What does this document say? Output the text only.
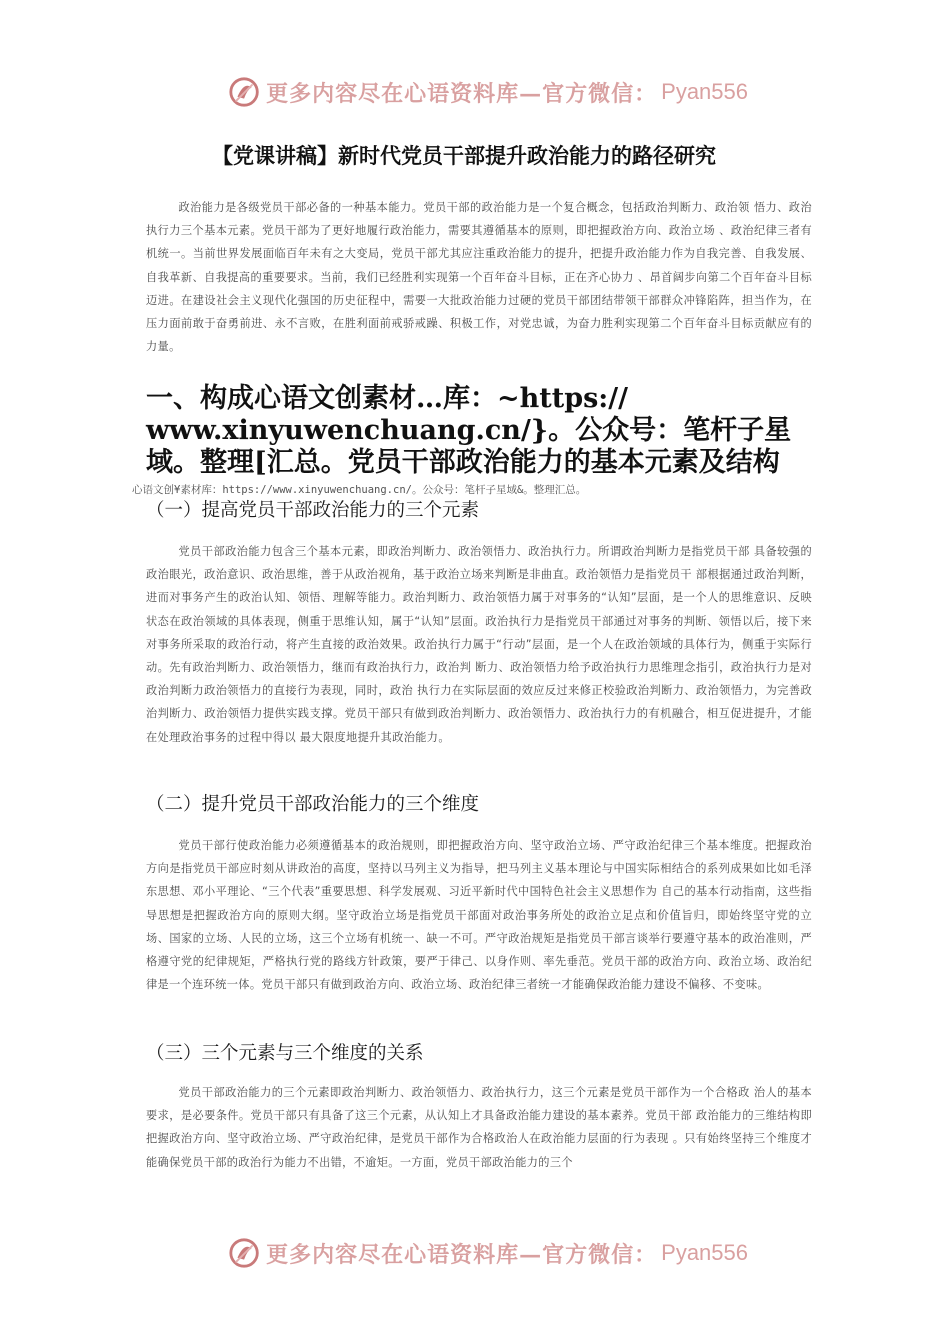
更多内容尽在心语资料库—官方微信： Pyan556
【党课讲稿】新时代党员干部提升政治能力的路径研究

政治能力是各级党员干部必备的一种基本能力。党员干部的政治能力是一个复合概念，包括政治判断力、政治领 悟力、政治执行力三个基本元素。党员干部为了更好地履行政治能力，需要其遵循基本的原则，即把握政治方向、政治立场 、政治纪律三者有机统一。当前世界发展面临百年未有之大变局，党员干部尤其应注重政治能力的提升，把提升政治能力作为自我完善、自我发展、自我革新、自我提高的重要要求。当前，我们已经胜利实现第一个百年奋斗目标，正在齐心协力 、昂首阔步向第二个百年奋斗目标迈进。在建设社会主义现代化强国的历史征程中，需要一大批政治能力过硬的党员干部团结带领干部群众冲锋陷阵，担当作为，在压力面前敢于奋勇前进、永不言败，在胜利面前戒骄戒躁、积极工作，对党忠诚，为奋力胜利实现第二个百年奋斗目标贡献应有的力量。

一、构成心语文创素材…库：~https:// www.xinyuwenchuang.cn/}。公众号：笔杆子星域。整理[汇总。党员干部政治能力的基本元素及结构
心语文创¥素材库：https://www.xinyuwenchuang.cn/。公众号：笔杆子星域&。整理汇总。
（一）提高党员干部政治能力的三个元素

党员干部政治能力包含三个基本元素，即政治判断力、政治领悟力、政治执行力。所谓政治判断力是指党员干部 具备较强的政治眼光，政治意识、政治思维，善于从政治视角，基于政治立场来判断是非曲直。政治领悟力是指党员干 部根据通过政治判断，进而对事务产生的政治认知、领悟、理解等能力。政治判断力、政治领悟力属于对事务的“认知”层面，是一个人的思维意识、反映状态在政治领域的具体表现，侧重于思维认知，属于“认知”层面。政治执行力是指党员干部通过对事务的判断、领悟以后，接下来对事务所采取的政治行动，将产生直接的政治效果。政治执行力属于“行动”层面，是一个人在政治领域的具体行为，侧重于实际行动。先有政治判断力、政治领悟力，继而有政治执行力，政治判 断力、政治领悟力给予政治执行力思维理念指引，政治执行力是对政治判断力政治领悟力的直接行为表现，同时，政治 执行力在实际层面的效应反过来修正校验政治判断力、政治领悟力，为完善政治判断力、政治领悟力提供实践支撑。党员干部只有做到政治判断力、政治领悟力、政治执行力的有机融合，相互促进提升，才能在处理政治事务的过程中得以 最大限度地提升其政治能力。

（二）提升党员干部政治能力的三个维度

党员干部行使政治能力必须遵循基本的政治规则，即把握政治方向、坚守政治立场、严守政治纪律三个基本维度。把握政治方向是指党员干部应时刻从讲政治的高度，坚持以马列主义为指导，把马列主义基本理论与中国实际相结合的系列成果如比如毛泽东思想、邓小平理论、“三个代表”重要思想、科学发展观、习近平新时代中国特色社会主义思想作为 自己的基本行动指南，这些指导思想是把握政治方向的原则大纲。坚守政治立场是指党员干部面对政治事务所处的政治立足点和价值旨归，即始终坚守党的立场、国家的立场、人民的立场，这三个立场有机统一、缺一不可。严守政治规矩是指党员干部言谈举行要遵守基本的政治准则，严格遵守党的纪律规矩，严格执行党的路线方针政策，要严于律己、以身作则、率先垂范。党员干部的政治方向、政治立场、政治纪律是一个连环统一体。党员干部只有做到政治方向、政治立场、政治纪律三者统一才能确保政治能力建设不偏移、不变味。

（三）三个元素与三个维度的关系

党员干部政治能力的三个元素即政治判断力、政治领悟力、政治执行力，这三个元素是党员干部作为一个合格政 治人的基本要求，是必要条件。党员干部只有具备了这三个元素，从认知上才具备政治能力建设的基本素养。党员干部 政治能力的三维结构即把握政治方向、坚守政治立场、严守政治纪律，是党员干部作为合格政治人在政治能力层面的行为表现 。只有始终坚持三个维度才能确保党员干部的政治行为能力不出错，不逾矩。一方面，党员干部政治能力的三个

更多内容尽在心语资料库—官方微信： Pyan556
